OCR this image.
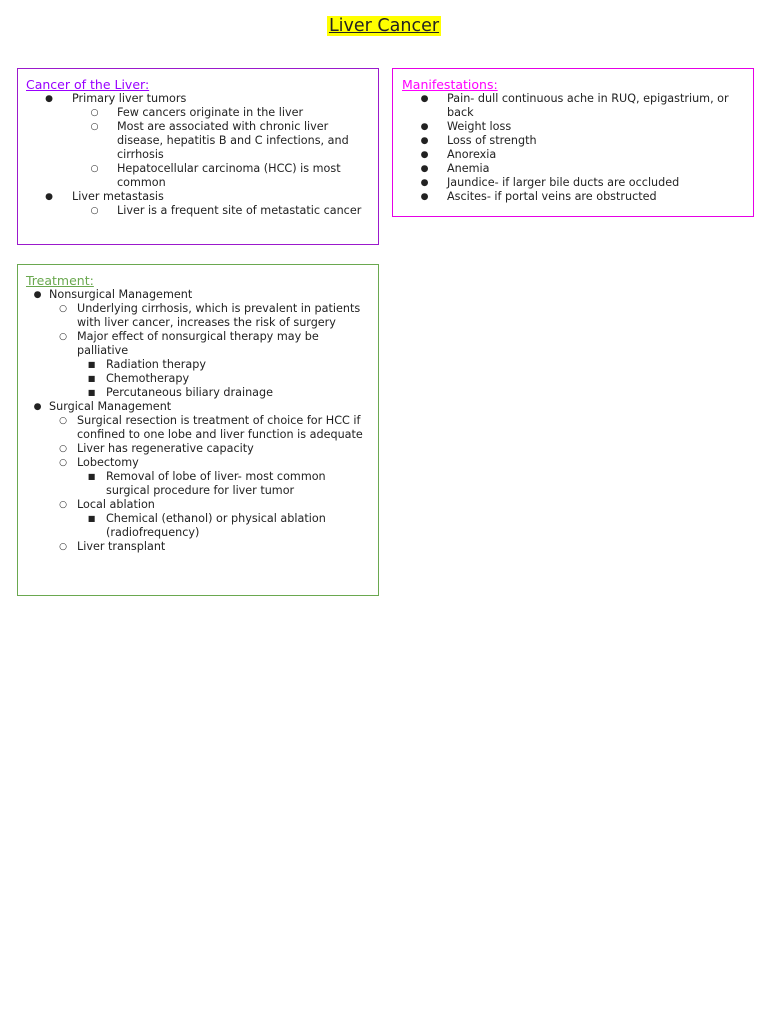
Liver Cancer
Cancer of the Liver:
●	Primary liver tumors
○	Few cancers originate in the liver
○	Most are associated with chronic liver disease, hepatitis B and C infections, and cirrhosis
○	Hepatocellular carcinoma (HCC) is most common
●	Liver metastasis
○	Liver is a frequent site of metastatic cancer
Manifestations:
●	Pain- dull continuous ache in RUQ, epigastrium, or back
●	Weight loss
●	Loss of strength
●	Anorexia
●	Anemia
●	Jaundice- if larger bile ducts are occluded
●	Ascites- if portal veins are obstructed
Treatment:
● Nonsurgical Management
○ Underlying cirrhosis, which is prevalent in patients with liver cancer, increases the risk of surgery
○ Major effect of nonsurgical therapy may be palliative
■ Radiation therapy
■ Chemotherapy
■ Percutaneous biliary drainage
● Surgical Management
○ Surgical resection is treatment of choice for HCC if confined to one lobe and liver function is adequate
○ Liver has regenerative capacity
○ Lobectomy
■ Removal of lobe of liver- most common surgical procedure for liver tumor
○ Local ablation
■ Chemical (ethanol) or physical ablation (radiofrequency)
○ Liver transplant
